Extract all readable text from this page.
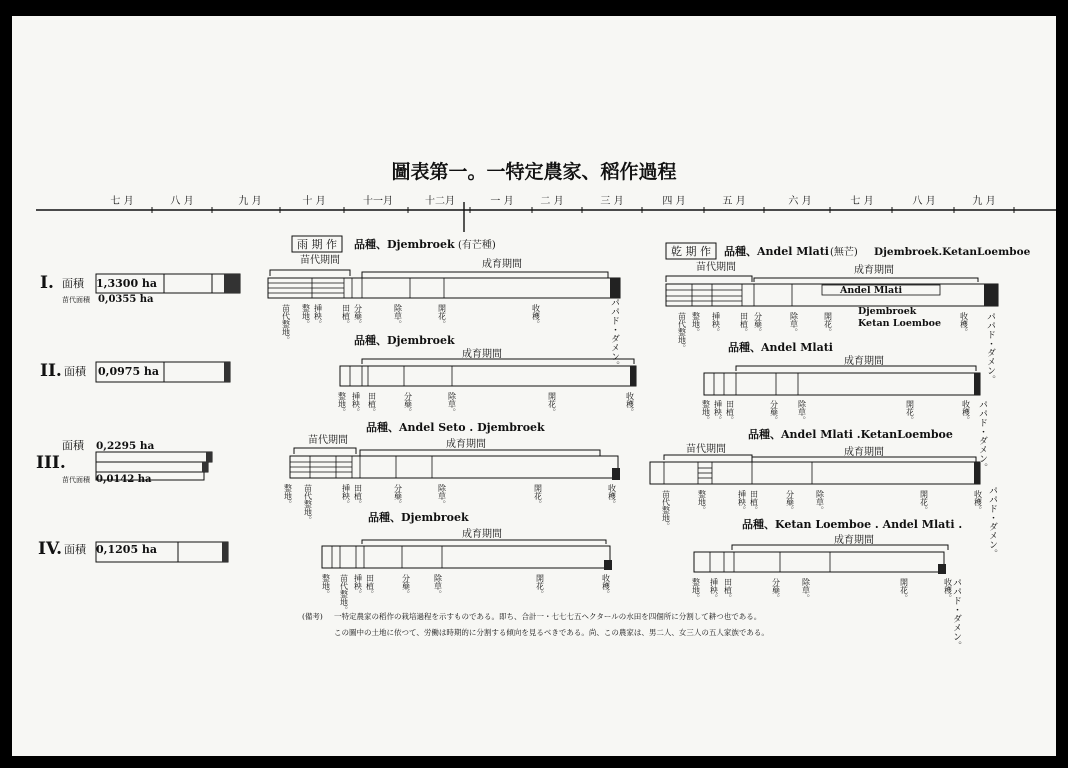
圖表第一。一特定農家、稻作過程
七 月	八 月	九 月	十 月	十一月	十二月	一 月	二 月	三 月	四 月	五 月	六 月	七 月	八 月	九 月
雨 期 作 品種、Djembroek (有芒種)	乾 期 作 品種、Andel Mlati (無芒) Djembroek.KetanLoemboe
I. 面積 1,3300 ha
苗代面積 0,0355 ha
苗代期間	成育期間
苗代整地。 整地。 挿秧。 田植。 分蘖。	除草。	開花。	收穫。
苗代期間	成育期間
Andel Mlati
Djembroek
Ketan Loemboe
苗代整地。 整地。 挿秧。 田植。 分蘖。	除草。	開花。	收穫。
II. 面積 0,0975 ha
品種、Djembroek
成育期間
整地。 挿秧。 田植。	分蘖。	除草。	開花。	收穫。
品種、Andel Mlati
成育期間
整地。 挿秧。 田植。	分蘖。 除草。	開花。	收穫。
III.
面積 0,2295 ha
苗代面積 0,0142 ha
品種、Andel Seto . Djembroek
苗代期間	成育期間
整地。 苗代整地。	挿秧。 田植。	分蘖。	除草。	開花。	收穫。
品種、Andel Mlati .KetanLoemboe
苗代期間	成育期間
苗代整地。	整地。	挿秧。 田植。	分蘖。	除草。	開花。	收穫。
IV. 面積 0,1205 ha
品種、Djembroek
成育期間
整地。 苗代整地。 挿秧。 田植。	分蘖。	除草。	開花。	收穫。
品種、Ketan Loemboe . Andel Mlati .
成育期間
整地。 挿秧。 田植。	分蘖。	除草。	開花。	收穫。
パパド・ダメン。	パパド・ダメン。
パパド・ダメン。
パパド・ダメン。
パパド・ダメン。
(備考) 一特定農家の稻作の栽培過程を示すものである。即ち、合計一・七七七五ヘクタールの水田を四個所に分割して耕つ也である。
この圖中の土地に依つて、労働は時期的に分割する傾向を見るべきである。尚、この農家は、男二人、女三人の五人家族である。
